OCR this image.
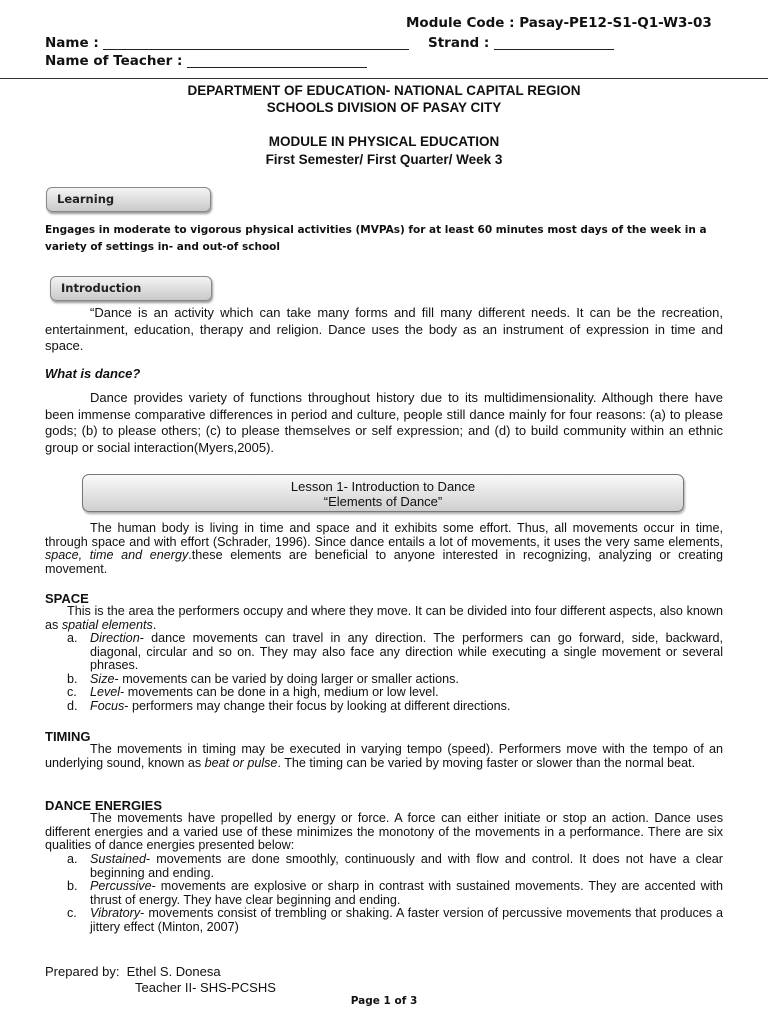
Module Code : Pasay-PE12-S1-Q1-W3-03
Name :	Strand :
Name of Teacher :
DEPARTMENT OF EDUCATION- NATIONAL CAPITAL REGION
SCHOOLS DIVISION OF PASAY CITY
MODULE IN PHYSICAL EDUCATION
First Semester/ First Quarter/ Week 3
Learning
Engages in moderate to vigorous physical activities (MVPAs) for at least 60 minutes most days of the week in a variety of settings in- and out-of school
Introduction
“Dance is an activity which can take many forms and fill many different needs. It can be the recreation, entertainment, education, therapy and religion. Dance uses the body as an instrument of expression in time and space.
What is dance?
Dance provides variety of functions throughout history due to its multidimensionality. Although there have been immense comparative differences in period and culture, people still dance mainly for four reasons: (a) to please gods; (b) to please others; (c) to please themselves or self expression; and (d) to build community within an ethnic group or social interaction(Myers,2005).
Lesson 1- Introduction to Dance
“Elements of Dance”
The human body is living in time and space and it exhibits some effort. Thus, all movements occur in time, through space and with effort (Schrader, 1996). Since dance entails a lot of movements, it uses the very same elements, space, time and energy.these elements are beneficial to anyone interested in recognizing, analyzing or creating movement.
SPACE
This is the area the performers occupy and where they move. It can be divided into four different aspects, also known as spatial elements.
a. Direction- dance movements can travel in any direction. The performers can go forward, side, backward, diagonal, circular and so on. They may also face any direction while executing a single movement or several phrases.
b. Size- movements can be varied by doing larger or smaller actions.
c. Level- movements can be done in a high, medium or low level.
d. Focus- performers may change their focus by looking at different directions.
TIMING
The movements in timing may be executed in varying tempo (speed). Performers move with the tempo of an underlying sound, known as beat or pulse. The timing can be varied by moving faster or slower than the normal beat.
DANCE ENERGIES
The movements have propelled by energy or force. A force can either initiate or stop an action. Dance uses different energies and a varied use of these minimizes the monotony of the movements in a performance. There are six qualities of dance energies presented below:
a. Sustained- movements are done smoothly, continuously and with flow and control. It does not have a clear beginning and ending.
b. Percussive- movements are explosive or sharp in contrast with sustained movements. They are accented with thrust of energy. They have clear beginning and ending.
c. Vibratory- movements consist of trembling or shaking. A faster version of percussive movements that produces a jittery effect (Minton, 2007)
Prepared by:  Ethel S. Donesa
Teacher II- SHS-PCSHS
Page 1 of 3
